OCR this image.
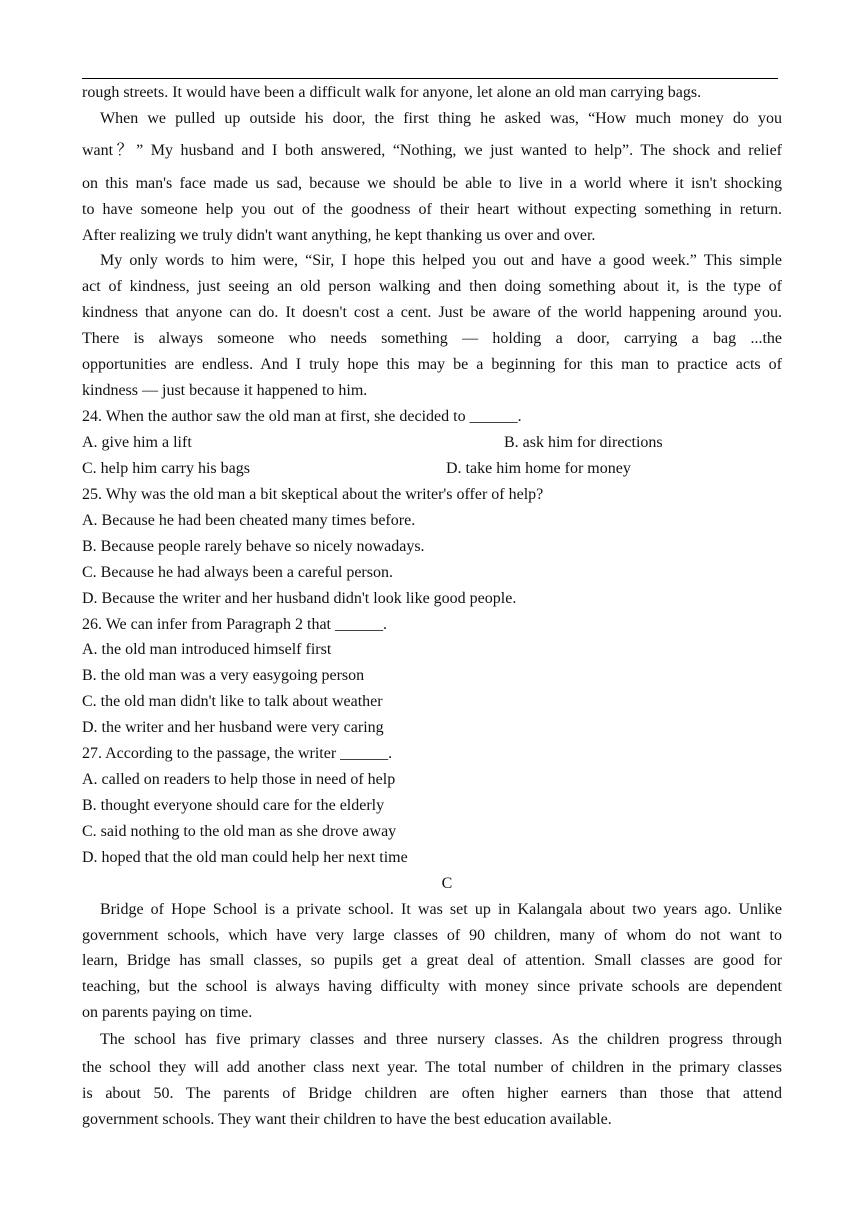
rough streets. It would have been a difficult walk for anyone, let alone an old man carrying bags.
When we pulled up outside his door, the first thing he asked was, “How much money do you
want？” My husband and I both answered, “Nothing, we just wanted to help”. The shock and relief
on this man's face made us sad, because we should be able to live in a world where it isn't shocking
to have someone help you out of the goodness of their heart without expecting something in return.
After realizing we truly didn't want anything, he kept thanking us over and over.
My only words to him were, “Sir, I hope this helped you out and have a good week.” This simple
act of kindness, just seeing an old person walking and then doing something about it, is the type of
kindness that anyone can do. It doesn't cost a cent. Just be aware of the world happening around you.
There is always someone who needs something — holding a door, carrying a bag ...the
opportunities are endless. And I truly hope this may be a beginning for this man to practice acts of
kindness — just because it happened to him.
24. When the author saw the old man at first, she decided to ______.
A. give him a lift	B. ask him for directions
C. help him carry his bags	D. take him home for money
25. Why was the old man a bit skeptical about the writer's offer of help?
A. Because he had been cheated many times before.
B. Because people rarely behave so nicely nowadays.
C. Because he had always been a careful person.
D. Because the writer and her husband didn't look like good people.
26. We can infer from Paragraph 2 that ______.
A. the old man introduced himself first
B. the old man was a very easygoing person
C. the old man didn't like to talk about weather
D. the writer and her husband were very caring
27. According to the passage, the writer ______.
A. called on readers to help those in need of help
B. thought everyone should care for the elderly
C. said nothing to the old man as she drove away
D. hoped that the old man could help her next time
C
Bridge of Hope School is a private school. It was set up in Kalangala about two years ago. Unlike
government schools, which have very large classes of 90 children, many of whom do not want to
learn, Bridge has small classes, so pupils get a great deal of attention. Small classes are good for
teaching, but the school is always having difficulty with money since private schools are dependent
on parents paying on time.
The school has five primary classes and three nursery classes. As the children progress through
the school they will add another class next year. The total number of children in the primary classes
is about 50. The parents of Bridge children are often higher earners than those that attend
government schools. They want their children to have the best education available.
